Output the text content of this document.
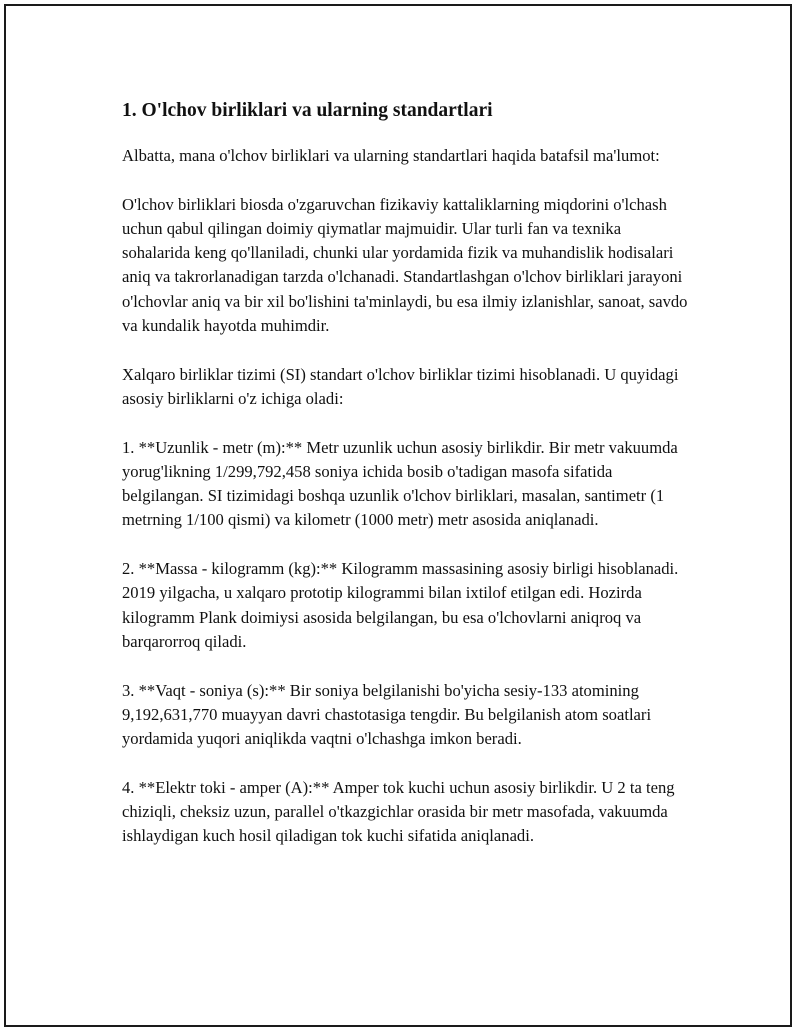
1. O'lchov birliklari va ularning standartlari

Albatta, mana o'lchov birliklari va ularning standartlari haqida batafsil ma'lumot:

O'lchov birliklari biosda o'zgaruvchan fizikaviy kattaliklarning miqdorini o'lchash uchun qabul qilingan doimiy qiymatlar majmuidir. Ular turli fan va texnika sohalarida keng qo'llaniladi, chunki ular yordamida fizik va muhandislik hodisalari aniq va takrorlanadigan tarzda o'lchanadi. Standartlashgan o'lchov birliklari jarayoni o'lchovlar aniq va bir xil bo'lishini ta'minlaydi, bu esa ilmiy izlanishlar, sanoat, savdo va kundalik hayotda muhimdir.

Xalqaro birliklar tizimi (SI) standart o'lchov birliklar tizimi hisoblanadi. U quyidagi asosiy birliklarni o'z ichiga oladi:

1. **Uzunlik - metr (m):** Metr uzunlik uchun asosiy birlikdir. Bir metr vakuumda yorug'likning 1/299,792,458 soniya ichida bosib o'tadigan masofa sifatida belgilangan. SI tizimidagi boshqa uzunlik o'lchov birliklari, masalan, santimetr (1 metrning 1/100 qismi) va kilometr (1000 metr) metr asosida aniqlanadi.

2. **Massa - kilogramm (kg):** Kilogramm massasining asosiy birligi hisoblanadi. 2019 yilgacha, u xalqaro prototip kilogrammi bilan ixtilof etilgan edi. Hozirda kilogramm Plank doimiysi asosida belgilangan, bu esa o'lchovlarni aniqroq va barqarorroq qiladi.

3. **Vaqt - soniya (s):** Bir soniya belgilanishi bo'yicha sesiy-133 atomining 9,192,631,770 muayyan davri chastotasiga tengdir. Bu belgilanish atom soatlari yordamida yuqori aniqlikda vaqtni o'lchashga imkon beradi.

4. **Elektr toki - amper (A):** Amper tok kuchi uchun asosiy birlikdir. U 2 ta teng chiziqli, cheksiz uzun, parallel o'tkazgichlar orasida bir metr masofada, vakuumda ishlaydigan kuch hosil qiladigan tok kuchi sifatida aniqlanadi.
